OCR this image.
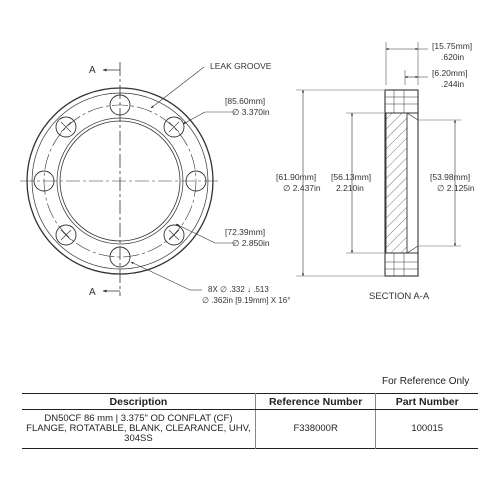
A
A
LEAK GROOVE
[85.60mm]
∅ 3.370in
[72.39mm]
∅ 2.850in
8X ∅ .332 ↓ .513
∅ .362in [9.19mm] X 16°
[15.75mm]
.620in
[6.20mm]
.244in
[61.90mm]
∅ 2.437in
[56.13mm]
2.210in
[53.98mm]
∅ 2.125in
SECTION A-A
For Reference Only
Description	Reference Number	Part Number
DN50CF 86 mm | 3.375" OD CONFLAT (CF) FLANGE, ROTATABLE, BLANK, CLEARANCE, UHV, 304SS	F338000R	100015
